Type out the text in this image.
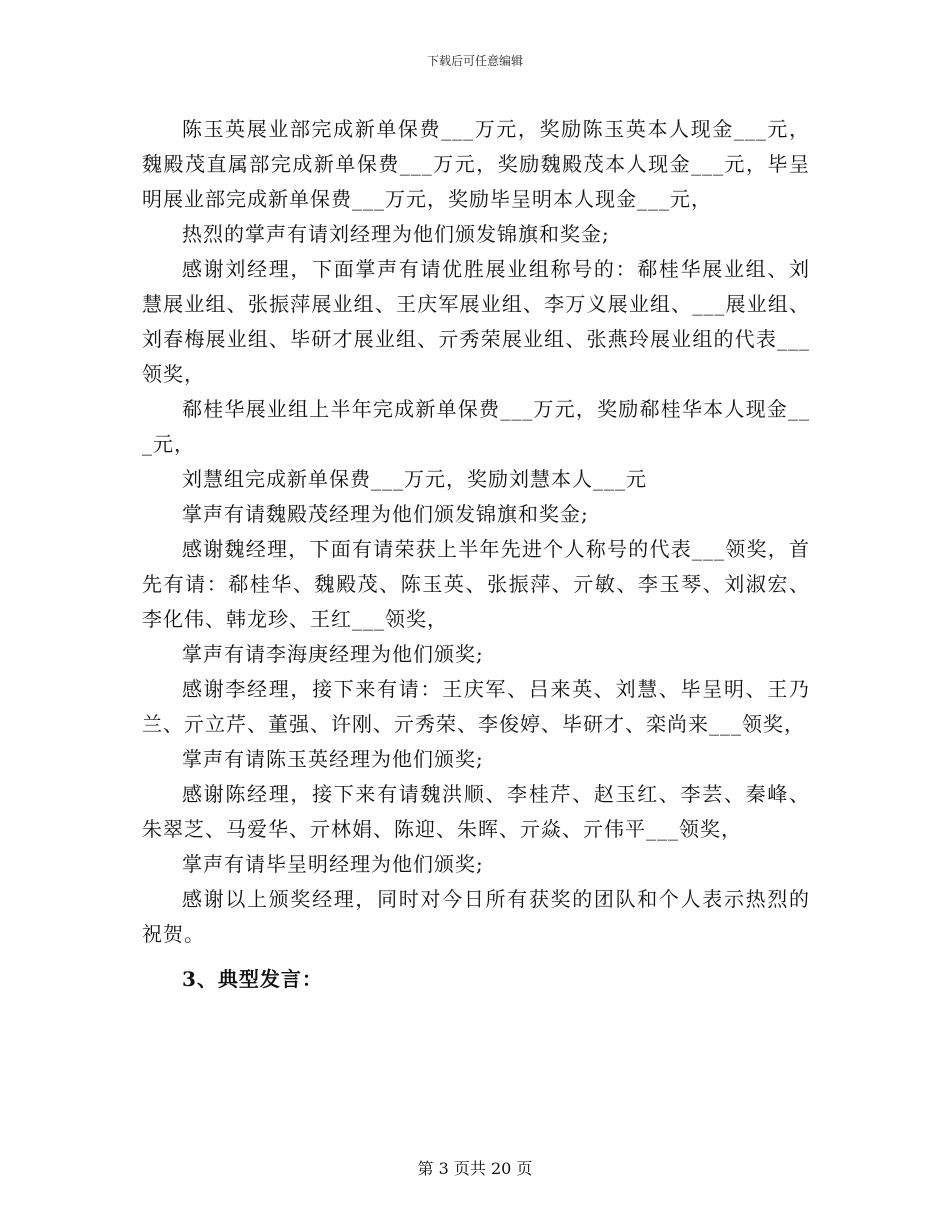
下载后可任意编辑

陈玉英展业部完成新单保费___万元，奖励陈玉英本人现金___元，魏殿茂直属部完成新单保费___万元，奖励魏殿茂本人现金___元，毕呈明展业部完成新单保费___万元，奖励毕呈明本人现金___元，

热烈的掌声有请刘经理为他们颁发锦旗和奖金;

感谢刘经理，下面掌声有请优胜展业组称号的：郗桂华展业组、刘慧展业组、张振萍展业组、王庆军展业组、李万义展业组、___展业组、刘春梅展业组、毕研才展业组、亓秀荣展业组、张燕玲展业组的代表___领奖，

郗桂华展业组上半年完成新单保费___万元，奖励郗桂华本人现金___元，

刘慧组完成新单保费___万元，奖励刘慧本人___元

掌声有请魏殿茂经理为他们颁发锦旗和奖金;

感谢魏经理，下面有请荣获上半年先进个人称号的代表___领奖，首先有请：郗桂华、魏殿茂、陈玉英、张振萍、亓敏、李玉琴、刘淑宏、李化伟、韩龙珍、王红___领奖，

掌声有请李海庚经理为他们颁奖;

感谢李经理，接下来有请：王庆军、吕来英、刘慧、毕呈明、王乃兰、亓立芹、董强、许刚、亓秀荣、李俊婷、毕研才、栾尚来___领奖，

掌声有请陈玉英经理为他们颁奖;

感谢陈经理，接下来有请魏洪顺、李桂芹、赵玉红、李芸、秦峰、朱翠芝、马爱华、亓林娟、陈迎、朱晖、亓焱、亓伟平___领奖，

掌声有请毕呈明经理为他们颁奖;

感谢以上颁奖经理，同时对今日所有获奖的团队和个人表示热烈的祝贺。

3、典型发言：

第 3 页共 20 页
